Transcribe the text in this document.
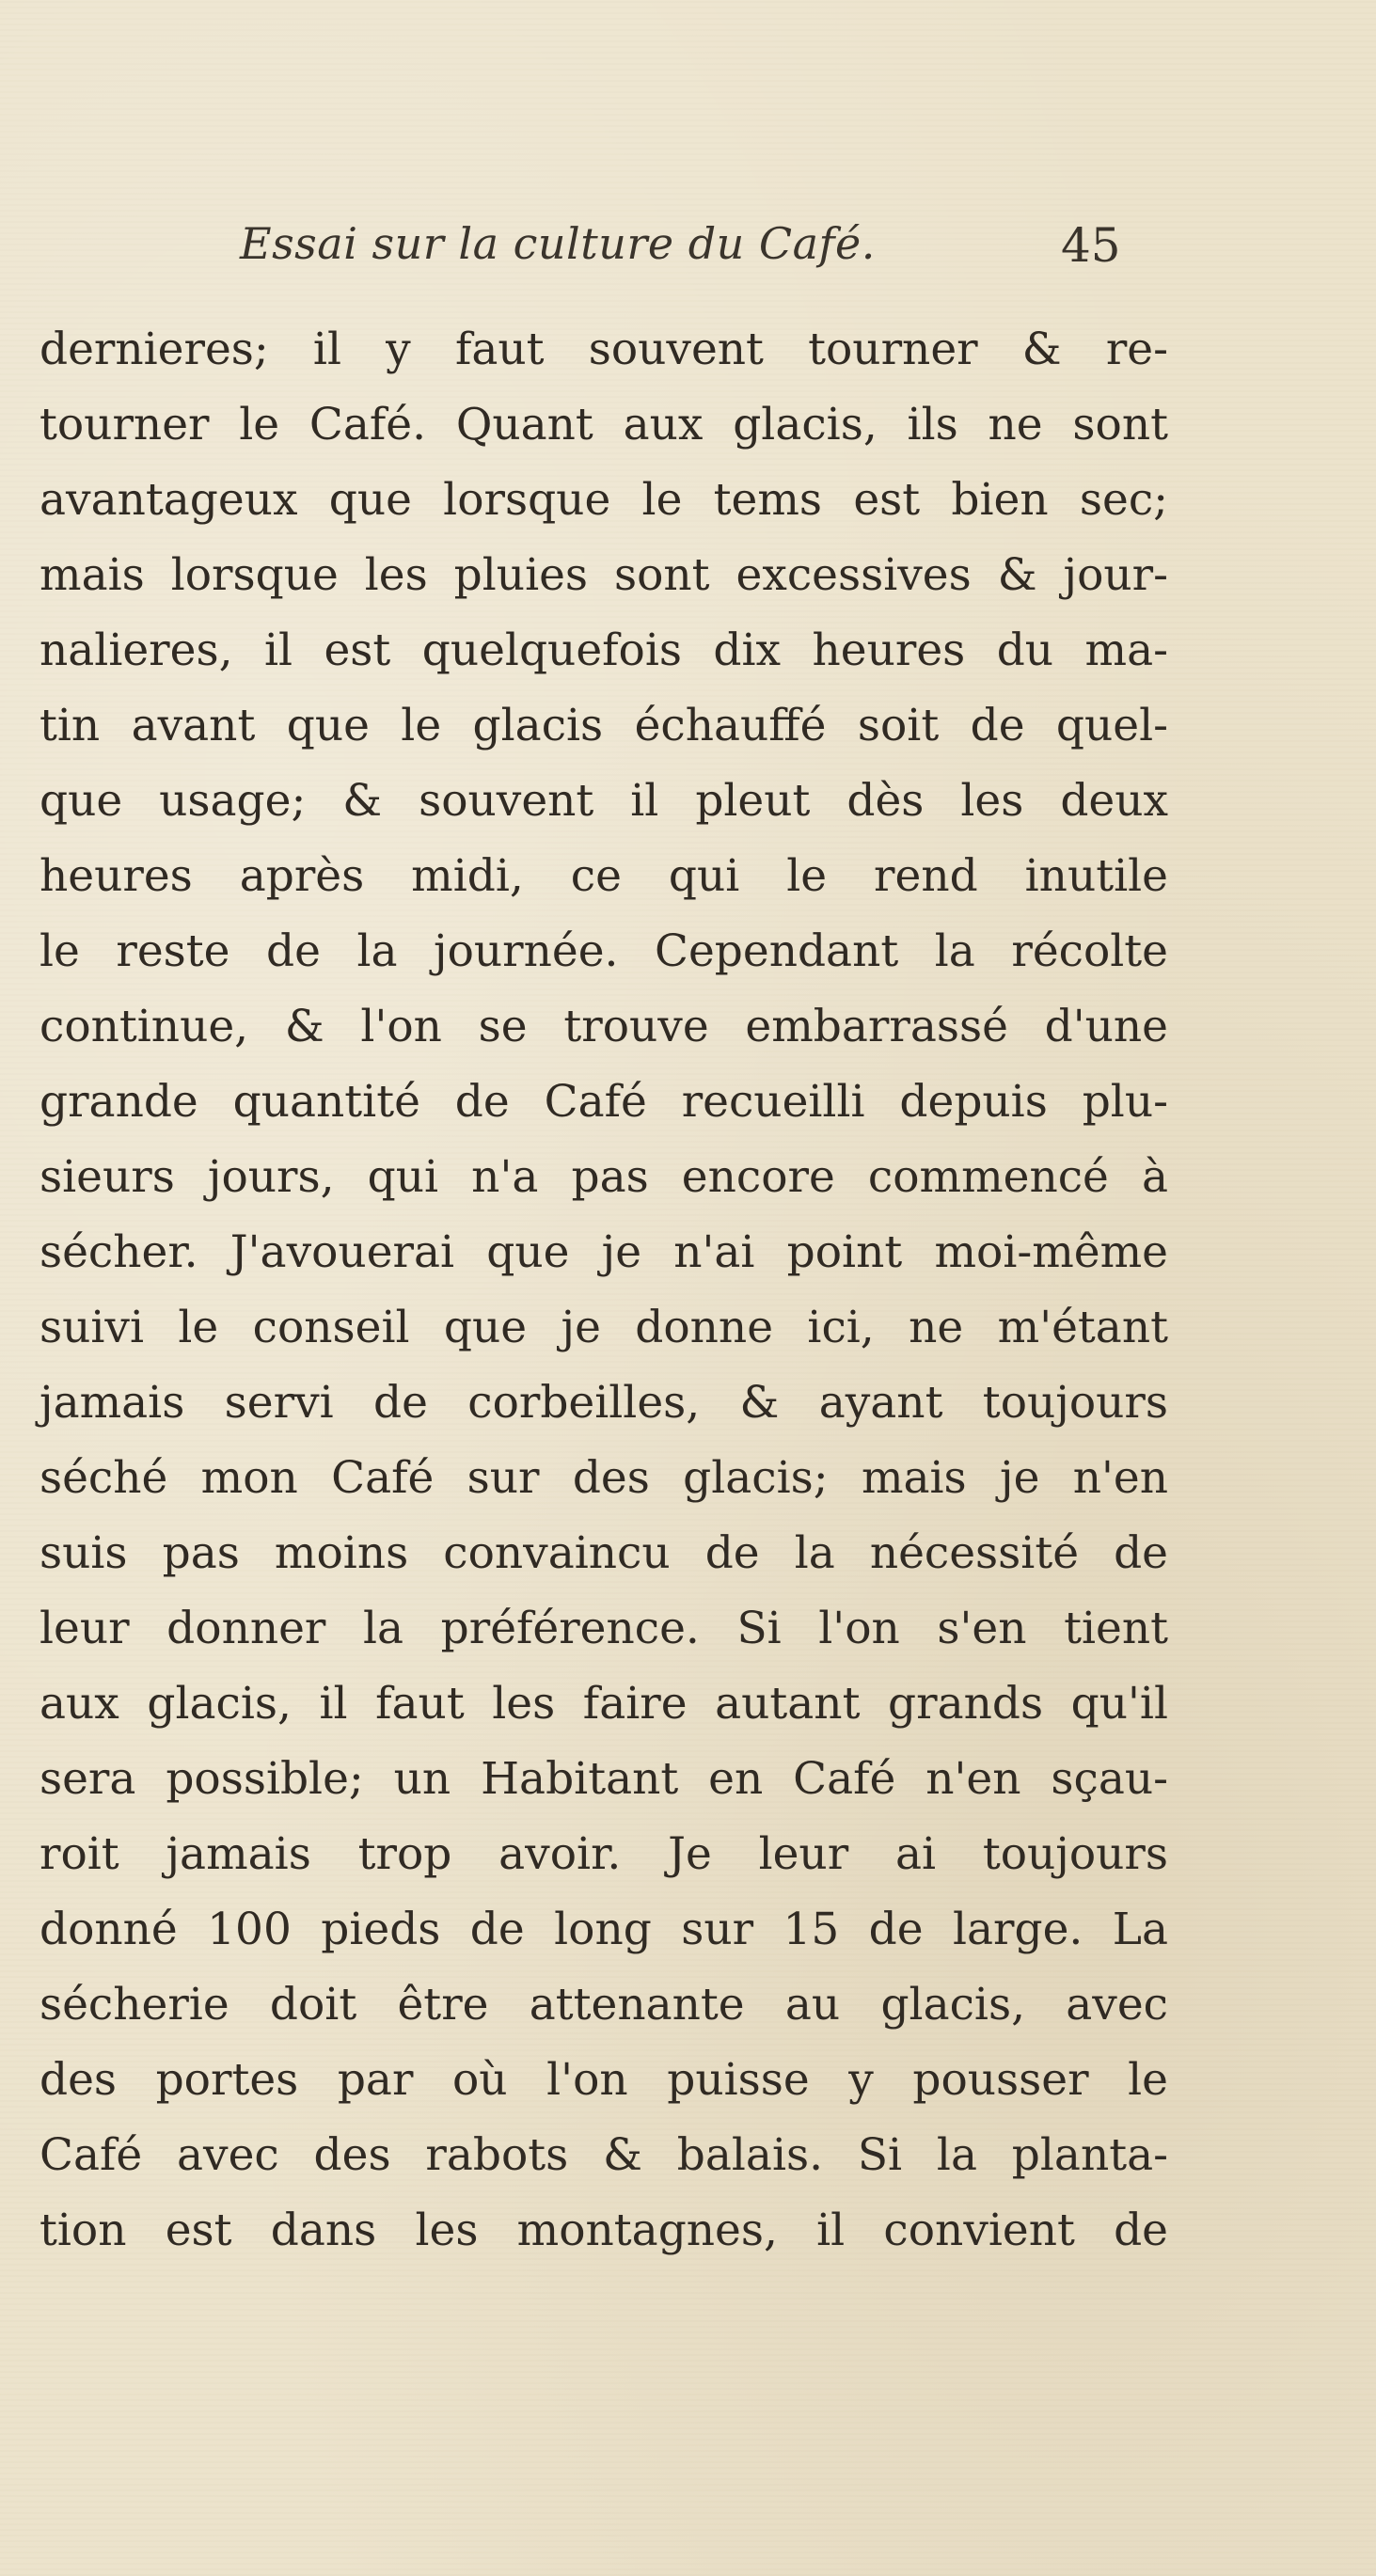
Essai sur la culture du Café.	45
dernieres; il y faut souvent tourner & re-
tourner le Café. Quant aux glacis, ils ne sont
avantageux que lorsque le tems est bien sec;
mais lorsque les pluies sont excessives & jour-
nalieres, il est quelquefois dix heures du ma-
tin avant que le glacis échauffé soit de quel-
que usage; & souvent il pleut dès les deux
heures après midi, ce qui le rend inutile
le reste de la journée. Cependant la récolte
continue, & l'on se trouve embarrassé d'une
grande quantité de Café recueilli depuis plu-
sieurs jours, qui n'a pas encore commencé à
sécher. J'avouerai que je n'ai point moi-même
suivi le conseil que je donne ici, ne m'étant
jamais servi de corbeilles, & ayant toujours
séché mon Café sur des glacis; mais je n'en
suis pas moins convaincu de la nécessité de
leur donner la préférence. Si l'on s'en tient
aux glacis, il faut les faire autant grands qu'il
sera possible; un Habitant en Café n'en sçau-
roit jamais trop avoir. Je leur ai toujours
donné 100 pieds de long sur 15 de large. La
sécherie doit être attenante au glacis, avec
des portes par où l'on puisse y pousser le
Café avec des rabots & balais. Si la planta-
tion est dans les montagnes, il convient de
